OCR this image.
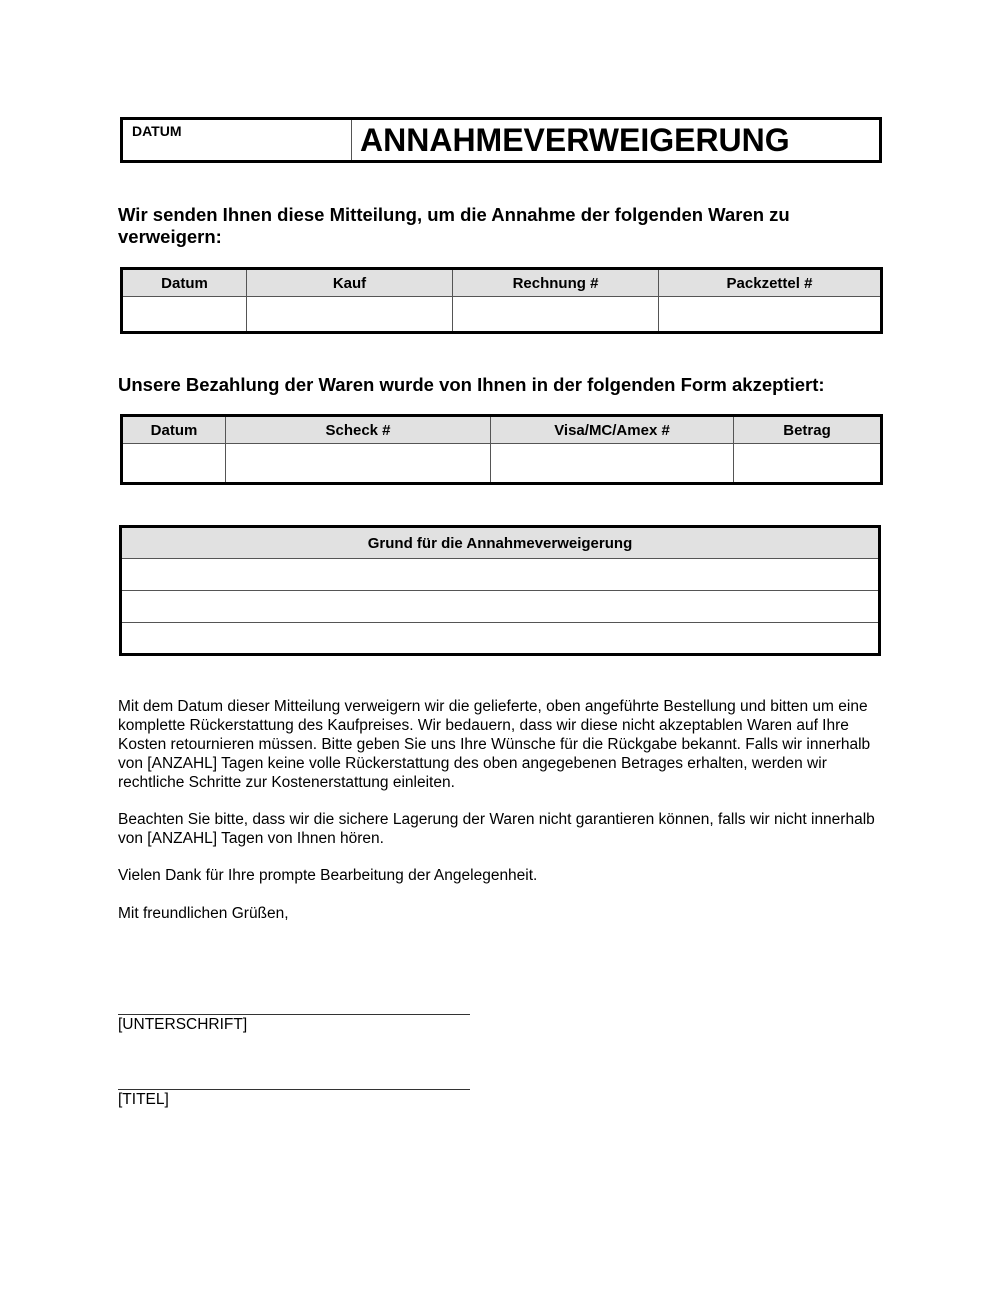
DATUM	ANNAHMEVERWEIGERUNG
Wir senden Ihnen diese Mitteilung, um die Annahme der folgenden Waren zu verweigern:
Datum	Kauf	Rechnung #	Packzettel #

Unsere Bezahlung der Waren wurde von Ihnen in der folgenden Form akzeptiert:
Datum	Scheck #	Visa/MC/Amex #	Betrag

Grund für die Annahmeverweigerung

Mit dem Datum dieser Mitteilung verweigern wir die gelieferte, oben angeführte Bestellung und bitten um eine komplette Rückerstattung des Kaufpreises. Wir bedauern, dass wir diese nicht akzeptablen Waren auf Ihre Kosten retournieren müssen. Bitte geben Sie uns Ihre Wünsche für die Rückgabe bekannt. Falls wir innerhalb von [ANZAHL] Tagen keine volle Rückerstattung des oben angegebenen Betrages erhalten, werden wir rechtliche Schritte zur Kostenerstattung einleiten.
Beachten Sie bitte, dass wir die sichere Lagerung der Waren nicht garantieren können, falls wir nicht innerhalb von [ANZAHL] Tagen von Ihnen hören.
Vielen Dank für Ihre prompte Bearbeitung der Angelegenheit.
Mit freundlichen Grüßen,
[UNTERSCHRIFT]
[TITEL]
